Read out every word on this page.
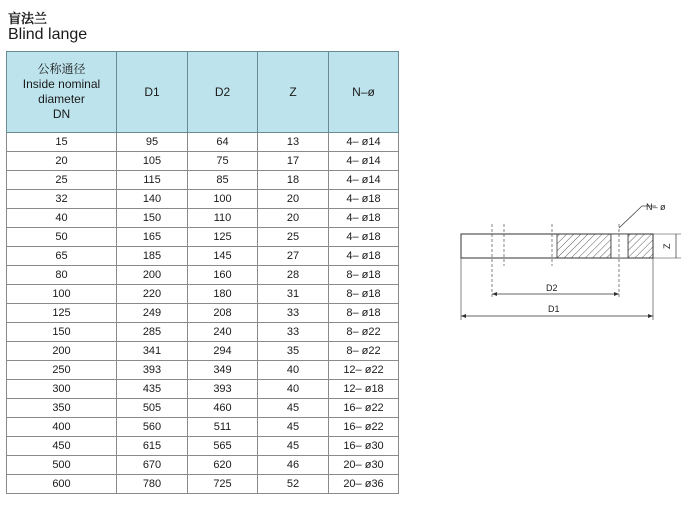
盲法兰
Blind lange
公称通径
Inside nominal
diameter
DN	D1	D2	Z	N–ø
15	95	64	13	4– ø14
20	105	75	17	4– ø14
25	115	85	18	4– ø14
32	140	100	20	4– ø18
40	150	110	20	4– ø18
50	165	125	25	4– ø18
65	185	145	27	4– ø18
80	200	160	28	8– ø18
100	220	180	31	8– ø18
125	249	208	33	8– ø18
150	285	240	33	8– ø22
200	341	294	35	8– ø22
250	393	349	40	12– ø22
300	435	393	40	12– ø18
350	505	460	45	16– ø22
400	560	511	45	16– ø22
450	615	565	45	16– ø30
500	670	620	46	20– ø30
600	780	725	52	20– ø36
N– ø
Z
D2
D1
